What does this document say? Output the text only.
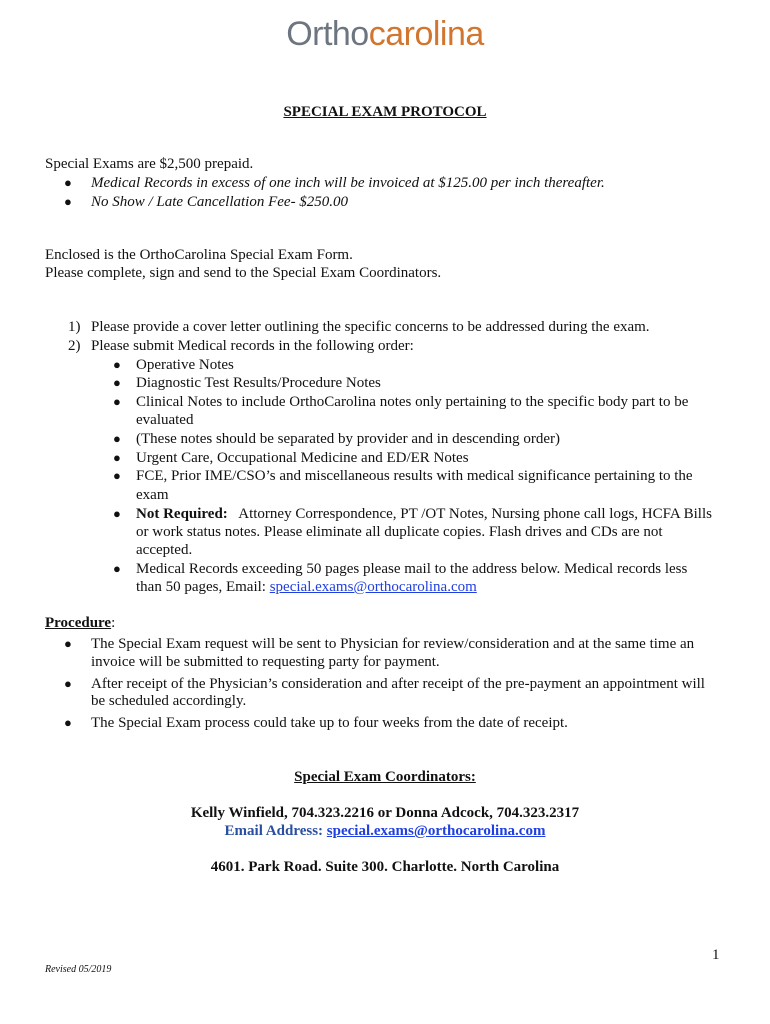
Orthocarolina
SPECIAL EXAM PROTOCOL
Special Exams are $2,500 prepaid.
● Medical Records in excess of one inch will be invoiced at $125.00 per inch thereafter.
● No Show / Late Cancellation Fee- $250.00
Enclosed is the OrthoCarolina Special Exam Form.
Please complete, sign and send to the Special Exam Coordinators.
1) Please provide a cover letter outlining the specific concerns to be addressed during the exam.
2) Please submit Medical records in the following order:
● Operative Notes
● Diagnostic Test Results/Procedure Notes
● Clinical Notes to include OrthoCarolina notes only pertaining to the specific body part to be
evaluated
● (These notes should be separated by provider and in descending order)
● Urgent Care, Occupational Medicine and ED/ER Notes
● FCE, Prior IME/CSO’s and miscellaneous results with medical significance pertaining to the
exam
● Not Required: Attorney Correspondence, PT /OT Notes, Nursing phone call logs, HCFA Bills
or work status notes. Please eliminate all duplicate copies. Flash drives and CDs are not
accepted.
● Medical Records exceeding 50 pages please mail to the address below. Medical records less
than 50 pages, Email: special.exams@orthocarolina.com
Procedure:
● The Special Exam request will be sent to Physician for review/consideration and at the same time an
invoice will be submitted to requesting party for payment.
● After receipt of the Physician’s consideration and after receipt of the pre-payment an appointment will
be scheduled accordingly.
● The Special Exam process could take up to four weeks from the date of receipt.
Special Exam Coordinators:
Kelly Winfield, 704.323.2216 or Donna Adcock, 704.323.2317
Email Address: special.exams@orthocarolina.com
4601. Park Road. Suite 300. Charlotte. North Carolina
1
Revised 05/2019
